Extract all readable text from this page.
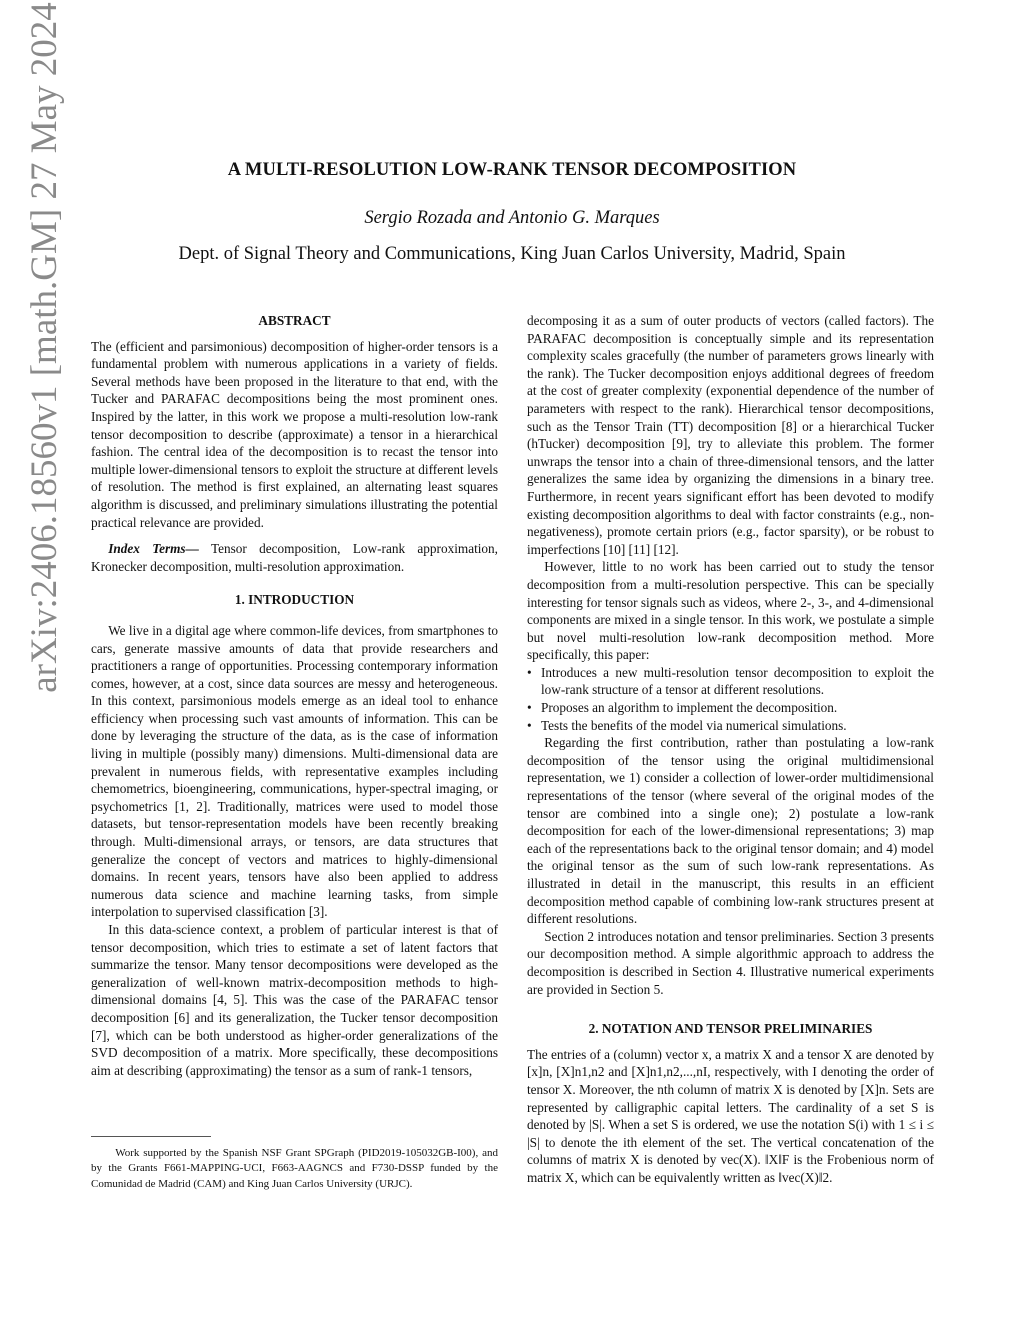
arXiv:2406.18560v1 [math.GM] 27 May 2024	A MULTI-RESOLUTION LOW-RANK TENSOR DECOMPOSITION
Sergio Rozada and Antonio G. Marques
Dept. of Signal Theory and Communications, King Juan Carlos University, Madrid, Spain
ABSTRACT

The (efficient and parsimonious) decomposition of higher-order tensors is a fundamental problem with numerous applications in a variety of fields. Several methods have been proposed in the literature to that end, with the Tucker and PARAFAC decompositions being the most prominent ones. Inspired by the latter, in this work we propose a multi-resolution low-rank tensor decomposition to describe (approximate) a tensor in a hierarchical fashion. The central idea of the decomposition is to recast the tensor into multiple lower-dimensional tensors to exploit the structure at different levels of resolution. The method is first explained, an alternating least squares algorithm is discussed, and preliminary simulations illustrating the potential practical relevance are provided.

Index Terms— Tensor decomposition, Low-rank approximation, Kronecker decomposition, multi-resolution approximation.

1. INTRODUCTION

We live in a digital age where common-life devices, from smartphones to cars, generate massive amounts of data that provide researchers and practitioners a range of opportunities. Processing contemporary information comes, however, at a cost, since data sources are messy and heterogeneous. In this context, parsimonious models emerge as an ideal tool to enhance efficiency when processing such vast amounts of information. This can be done by leveraging the structure of the data, as is the case of information living in multiple (possibly many) dimensions. Multi-dimensional data are prevalent in numerous fields, with representative examples including chemometrics, bioengineering, communications, hyper-spectral imaging, or psychometrics [1, 2]. Traditionally, matrices were used to model those datasets, but tensor-representation models have been recently breaking through. Multi-dimensional arrays, or tensors, are data structures that generalize the concept of vectors and matrices to highly-dimensional domains. In recent years, tensors have also been applied to address numerous data science and machine learning tasks, from simple interpolation to supervised classification [3].

In this data-science context, a problem of particular interest is that of tensor decomposition, which tries to estimate a set of latent factors that summarize the tensor. Many tensor decompositions were developed as the generalization of well-known matrix-decomposition methods to high-dimensional domains [4, 5]. This was the case of the PARAFAC tensor decomposition [6] and its generalization, the Tucker tensor decomposition [7], which can be both understood as higher-order generalizations of the SVD decomposition of a matrix. More specifically, these decompositions aim at describing (approximating) the tensor as a sum of rank-1 tensors,

decomposing it as a sum of outer products of vectors (called factors). The PARAFAC decomposition is conceptually simple and its representation complexity scales gracefully (the number of parameters grows linearly with the rank). The Tucker decomposition enjoys additional degrees of freedom at the cost of greater complexity (exponential dependence of the number of parameters with respect to the rank). Hierarchical tensor decompositions, such as the Tensor Train (TT) decomposition [8] or a hierarchical Tucker (hTucker) decomposition [9], try to alleviate this problem. The former unwraps the tensor into a chain of three-dimensional tensors, and the latter generalizes the same idea by organizing the dimensions in a binary tree. Furthermore, in recent years significant effort has been devoted to modify existing decomposition algorithms to deal with factor constraints (e.g., non-negativeness), promote certain priors (e.g., factor sparsity), or be robust to imperfections [10] [11] [12].

However, little to no work has been carried out to study the tensor decomposition from a multi-resolution perspective. This can be specially interesting for tensor signals such as videos, where 2-, 3-, and 4-dimensional components are mixed in a single tensor. In this work, we postulate a simple but novel multi-resolution low-rank decomposition method. More specifically, this paper:

• Introduces a new multi-resolution tensor decomposition to exploit the low-rank structure of a tensor at different resolutions.
• Proposes an algorithm to implement the decomposition.
• Tests the benefits of the model via numerical simulations.

Regarding the first contribution, rather than postulating a low-rank decomposition of the tensor using the original multidimensional representation, we 1) consider a collection of lower-order multidimensional representations of the tensor (where several of the original modes of the tensor are combined into a single one); 2) postulate a low-rank decomposition for each of the lower-dimensional representations; 3) map each of the representations back to the original tensor domain; and 4) model the original tensor as the sum of such low-rank representations. As illustrated in detail in the manuscript, this results in an efficient decomposition method capable of combining low-rank structures present at different resolutions.

Section 2 introduces notation and tensor preliminaries. Section 3 presents our decomposition method. A simple algorithmic approach to address the decomposition is described in Section 4. Illustrative numerical experiments are provided in Section 5.

2. NOTATION AND TENSOR PRELIMINARIES

The entries of a (column) vector x, a matrix X and a tensor X are denoted by [x]n, [X]n1,n2 and [X]n1,n2,...,nI, respectively, with I denoting the order of tensor X. Moreover, the nth column of matrix X is denoted by [X]n. Sets are represented by calligraphic capital letters. The cardinality of a set S is denoted by |S|. When a set S is ordered, we use the notation S(i) with 1 ≤ i ≤ |S| to denote the ith element of the set. The vertical concatenation of the columns of matrix X is denoted by vec(X). ‖X‖F is the Frobenious norm of matrix X, which can be equivalently written as ‖vec(X)‖2.

Work supported by the Spanish NSF Grant SPGraph (PID2019-105032GB-I00), and by the Grants F661-MAPPING-UCI, F663-AAGNCS and F730-DSSP funded by the Comunidad de Madrid (CAM) and King Juan Carlos University (URJC).
